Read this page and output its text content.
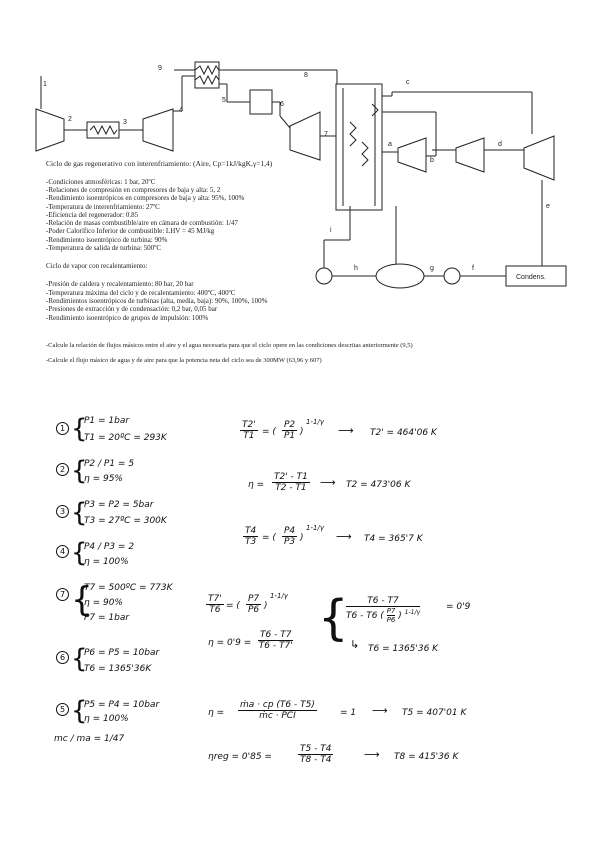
1
2	3
4
5
6
7
8
9
a
b
c
d
e
f
g
h
i
Condens.
Ciclo de gas regenerativo con interenfriamiento: (Aire, Cp=1kJ/kgK,γ=1,4)
-Condiciones atmosféricas: 1 bar, 20ºC
-Relaciones de compresión en compresores de baja y alta: 5, 2
-Rendimiento isoentrópicos en compresores de baja y alta: 95%, 100%
-Temperatura de interenfriamiento: 27ºC
-Eficiencia del regenerador: 0.85
-Relación de masas combustible/aire en cámara de combustión: 1/47
-Poder Calorífico Inferior de combustible: LHV = 45 MJ/kg
-Rendimiento isoentrópico de turbina: 90%
-Temperatura de salida de turbina: 500ºC
Ciclo de vapor con recalentamiento:
-Presión de caldera y recalentamiento: 80 bar, 20 bar
-Temperatura máxima del ciclo y de recalentamiento: 400ºC, 400ºC
-Rendimientos isoentrópicos de turbinas (alta, media, baja): 90%, 100%, 100%
-Presiones de extracción y de condensación: 0,2 bar, 0,05 bar
-Rendimiento isoentrópico de grupos de impulsión: 100%
-Calcule la relación de flujos másicos entre el aire y el agua necesaria para que el ciclo opere en las condiciones descritas anteriormente (9,5)
-Calcule el flujo másico de agua y de aire para que la potencia neta del ciclo sea de 300MW (63,96 y 607)
1 {
P1 = 1bar
T1 = 20ºC = 293K
2 {
P2 / P1 = 5
η = 95%
3 {
P3 = P2 = 5bar
T3 = 27ºC = 300K
4 {
P4 / P3 = 2
η = 100%
7 {
T7 = 500ºC = 773K
η = 90%
P7 = 1bar
6 {
P6 = P5 = 10bar
T6 = 1365'36K
5 {
P5 = P4 = 10bar
η = 100%
mc / ma = 1/47
$\frac{T2'}{T1}$ = ( $\frac{P2}{P1}$ )
1-1/γ
⟶ T2' = 464'06 K
$\eta = \frac{T2' - T1}{T2 - T1}$ ⟶ T2 = 473'06 K
$\frac{T4}{T3}$ = ( $\frac{P4}{P3}$ )
1-1/γ
⟶ T4 = 365'7 K
$\frac{T7'}{T6}$ = ( $\frac{P7}{P6}$ )
1-1/γ
$\eta = 0'9 = \frac{T6 - T7}{T6 - T7'}$ {	T6 - T7
T6 - T6 ( $\frac{P7}{P6}$ ) $^{1-1/\gamma}$
= 0'9
↳ T6 = 1365'36 K
η =
ṁa · cp (T6 - T5)
ṁc · PCI	= 1 ⟶ T5 = 407'01 K
ηreg = 0'85 =	$\frac{T5 - T4}{T8 - T4}$	⟶ T8 = 415'36 K
